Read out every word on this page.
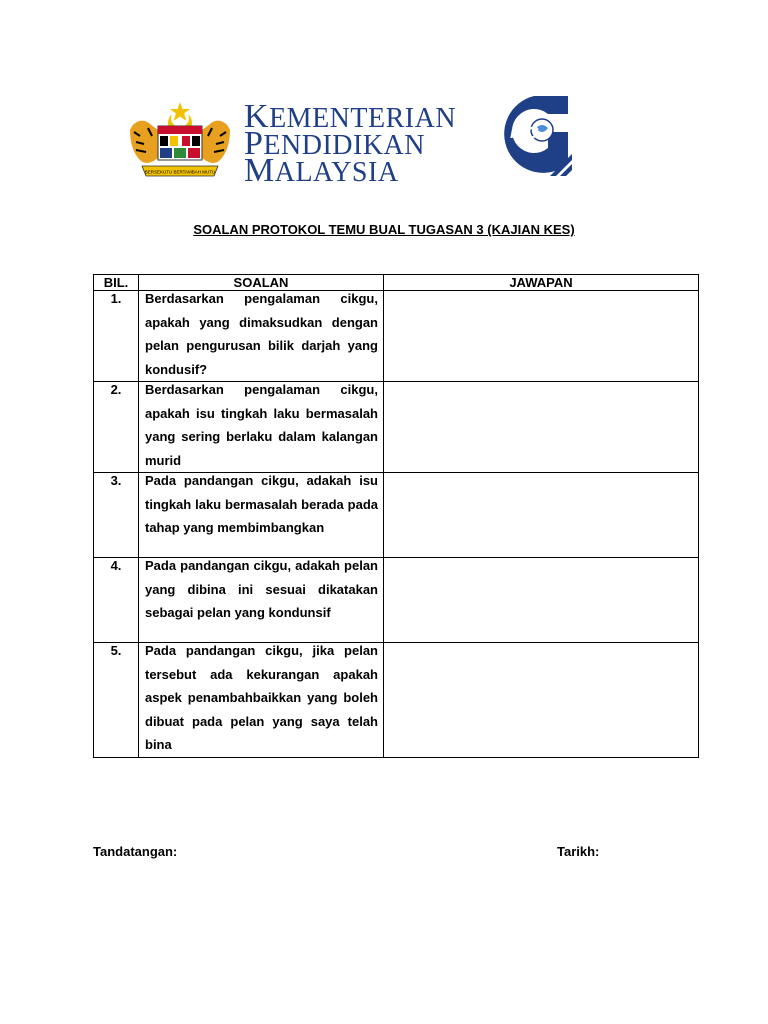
BERSEKUTU BERTAMBAH MUTU
KEMENTERIAN
PENDIDIKAN
MALAYSIA
iPG
SOALAN PROTOKOL TEMU BUAL TUGASAN 3 (KAJIAN KES)
BIL.	SOALAN	JAWAPAN
1.	Berdasarkan pengalaman cikgu, apakah yang dimaksudkan dengan pelan pengurusan bilik darjah yang kondusif?	

2.	Berdasarkan pengalaman cikgu, apakah isu tingkah laku bermasalah yang sering berlaku dalam kalangan murid	

3.	Pada pandangan cikgu, adakah isu tingkah laku bermasalah berada pada tahap yang membimbangkan	

4.	Pada pandangan cikgu, adakah pelan yang dibina ini sesuai dikatakan sebagai pelan yang kondunsif	

5.	Pada pandangan cikgu, jika pelan tersebut ada kekurangan apakah aspek penambahbaikkan yang boleh dibuat pada pelan yang saya telah bina	

Tandatangan:	Tarikh:
